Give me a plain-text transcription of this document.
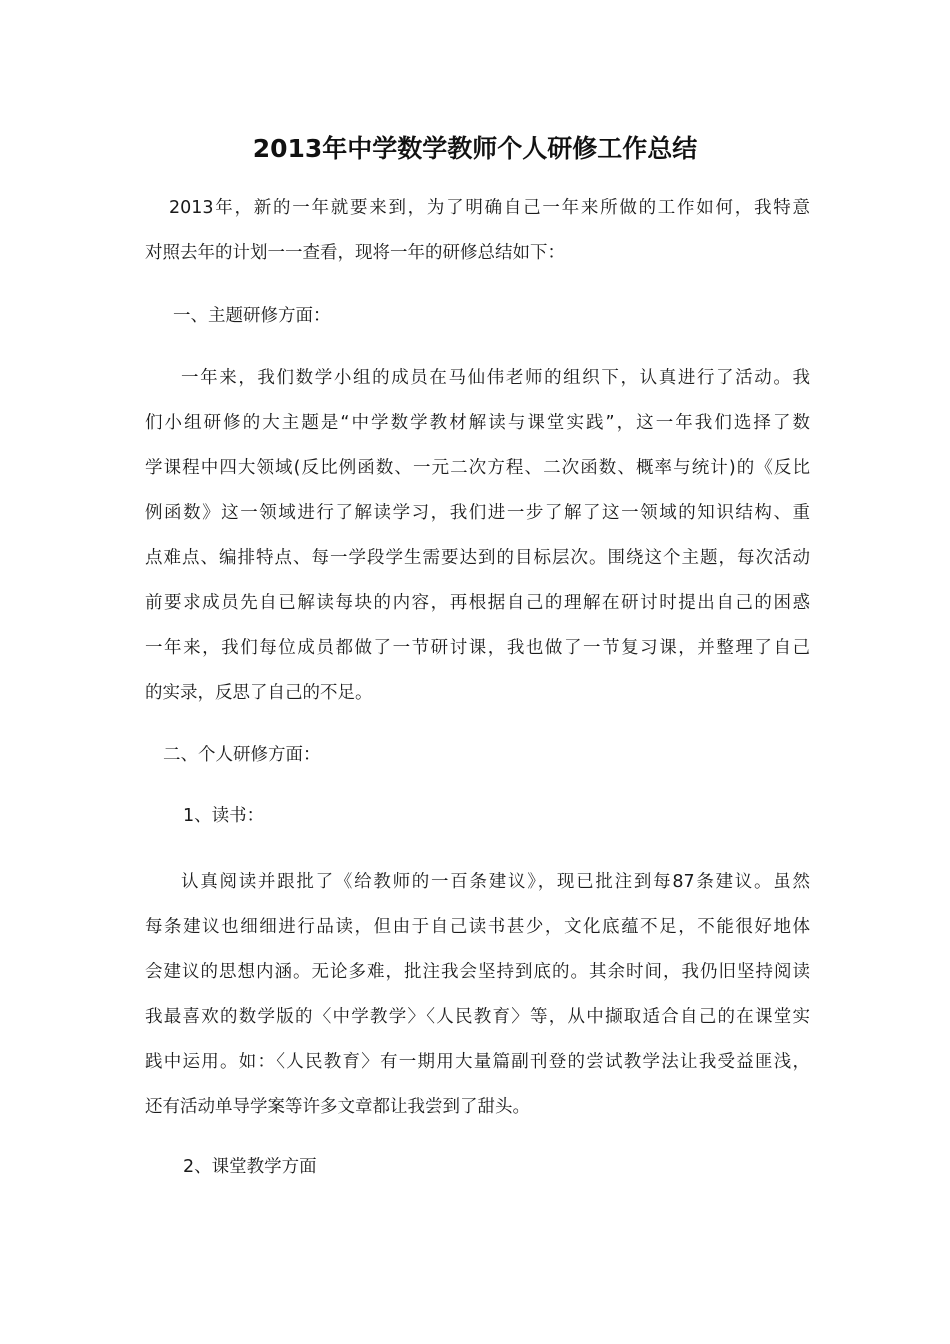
2013年中学数学教师个人研修工作总结
2013年，新的一年就要来到，为了明确自己一年来所做的工作如何，我特意
对照去年的计划一一查看，现将一年的研修总结如下：
一、主题研修方面：
一年来，我们数学小组的成员在马仙伟老师的组织下，认真进行了活动。我
们小组研修的大主题是“中学数学教材解读与课堂实践”，这一年我们选择了数
学课程中四大领域(反比例函数、一元二次方程、二次函数、概率与统计)的《反比
例函数》这一领域进行了解读学习，我们进一步了解了这一领域的知识结构、重
点难点、编排特点、每一学段学生需要达到的目标层次。围绕这个主题，每次活动
前要求成员先自已解读每块的内容，再根据自己的理解在研讨时提出自己的困惑
一年来，我们每位成员都做了一节研讨课，我也做了一节复习课，并整理了自己
的实录，反思了自己的不足。
二、个人研修方面：
1、读书：
认真阅读并跟批了《给教师的一百条建议》，现已批注到每87条建议。虽然
每条建议也细细进行品读，但由于自己读书甚少，文化底蕴不足，不能很好地体
会建议的思想内涵。无论多难，批注我会坚持到底的。其余时间，我仍旧坚持阅读
我最喜欢的数学版的〈中学教学〉〈人民教育〉等，从中撷取适合自己的在课堂实
践中运用。如：〈人民教育〉有一期用大量篇副刊登的尝试教学法让我受益匪浅，
还有活动单导学案等许多文章都让我尝到了甜头。
2、课堂教学方面
